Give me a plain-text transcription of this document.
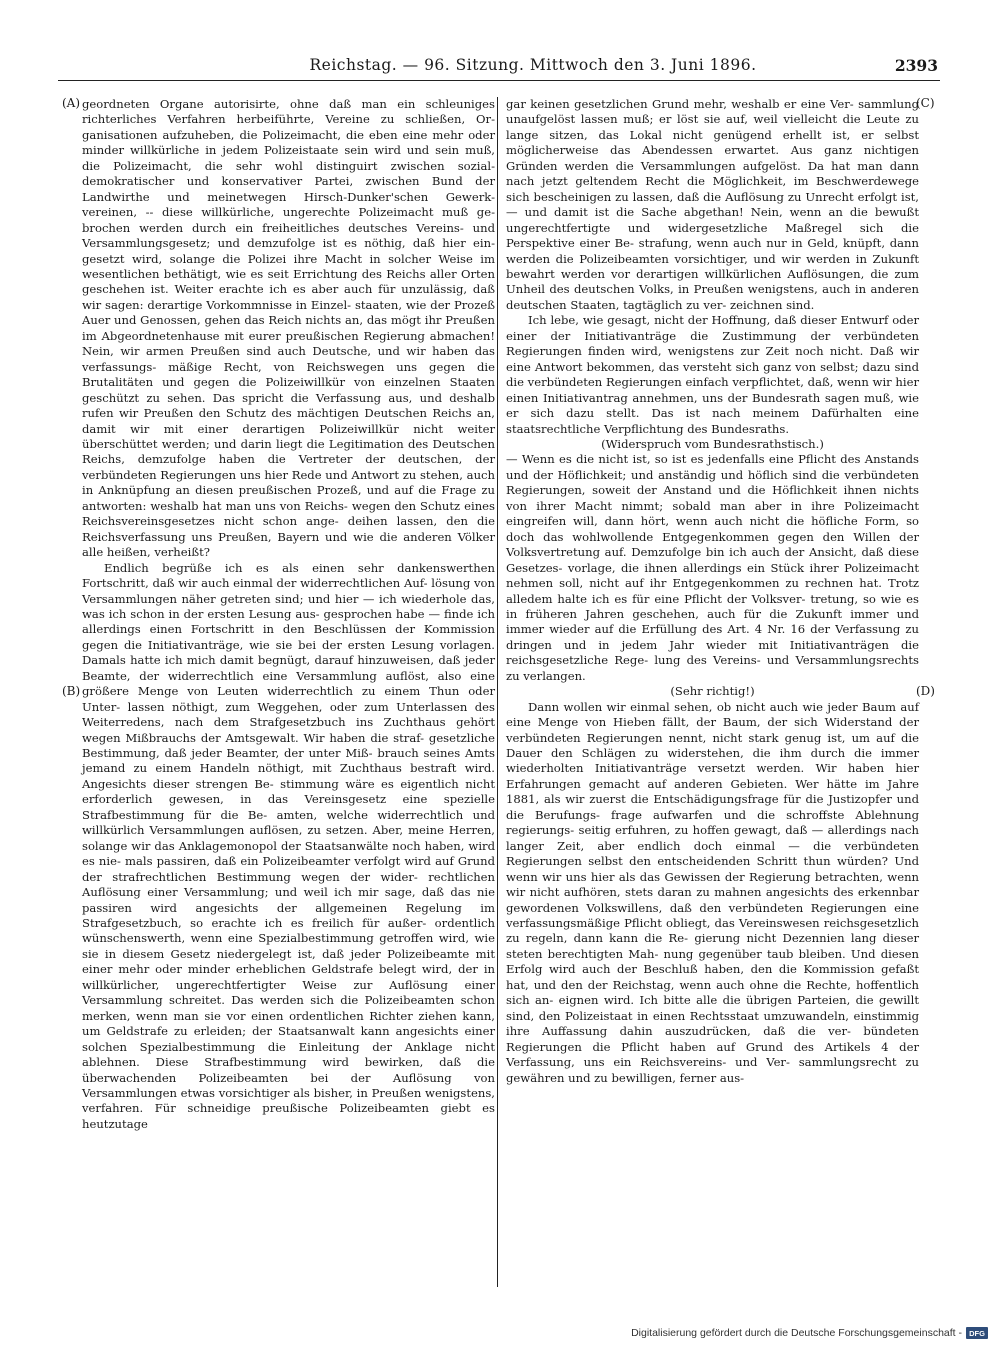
Reichstag. — 96. Sitzung. Mittwoch den 3. Juni 1896.	2393
(A)
(B)
(C)
(D)

geordneten Organe autorisirte, ohne daß man ein schleuniges richterliches Verfahren herbeiführte, Vereine zu schließen, Or- ganisationen aufzuheben, die Polizeimacht, die eben eine mehr oder minder willkürliche in jedem Polizeistaate sein wird und sein muß, die Polizeimacht, die sehr wohl distinguirt zwischen sozial- demokratischer und konservativer Partei, zwischen Bund der Landwirthe und meinetwegen Hirsch-Dunker'schen Gewerk- vereinen, -- diese willkürliche, ungerechte Polizeimacht muß ge- brochen werden durch ein freiheitliches deutsches Vereins- und Versammlungsgesetz; und demzufolge ist es nöthig, daß hier ein- gesetzt wird, solange die Polizei ihre Macht in solcher Weise im wesentlichen bethätigt, wie es seit Errichtung des Reichs aller Orten geschehen ist. Weiter erachte ich es aber auch für unzulässig, daß wir sagen: derartige Vorkommnisse in Einzel- staaten, wie der Prozeß Auer und Genossen, gehen das Reich nichts an, das mögt ihr Preußen im Abgeordnetenhause mit eurer preußischen Regierung abmachen! Nein, wir armen Preußen sind auch Deutsche, und wir haben das verfassungs- mäßige Recht, von Reichswegen uns gegen die Brutalitäten und gegen die Polizeiwillkür von einzelnen Staaten geschützt zu sehen. Das spricht die Verfassung aus, und deshalb rufen wir Preußen den Schutz des mächtigen Deutschen Reichs an, damit wir mit einer derartigen Polizeiwillkür nicht weiter überschüttet werden; und darin liegt die Legitimation des Deutschen Reichs, demzufolge haben die Vertreter der deutschen, der verbündeten Regierungen uns hier Rede und Antwort zu stehen, auch in Anknüpfung an diesen preußischen Prozeß, und auf die Frage zu antworten: weshalb hat man uns von Reichs- wegen den Schutz eines Reichsvereinsgesetzes nicht schon ange- deihen lassen, den die Reichsverfassung uns Preußen, Bayern und wie die anderen Völker alle heißen, verheißt?

Endlich begrüße ich es als einen sehr dankenswerthen Fortschritt, daß wir auch einmal der widerrechtlichen Auf- lösung von Versammlungen näher getreten sind; und hier — ich wiederhole das, was ich schon in der ersten Lesung aus- gesprochen habe — finde ich allerdings einen Fortschritt in den Beschlüssen der Kommission gegen die Initiativanträge, wie sie bei der ersten Lesung vorlagen. Damals hatte ich mich damit begnügt, darauf hinzuweisen, daß jeder Beamte, der widerrechtlich eine Versammlung auflöst, also eine größere Menge von Leuten widerrechtlich zu einem Thun oder Unter- lassen nöthigt, zum Weggehen, oder zum Unterlassen des Weiterredens, nach dem Strafgesetzbuch ins Zuchthaus gehört wegen Mißbrauchs der Amtsgewalt. Wir haben die straf- gesetzliche Bestimmung, daß jeder Beamter, der unter Miß- brauch seines Amts jemand zu einem Handeln nöthigt, mit Zuchthaus bestraft wird. Angesichts dieser strengen Be- stimmung wäre es eigentlich nicht erforderlich gewesen, in das Vereinsgesetz eine spezielle Strafbestimmung für die Be- amten, welche widerrechtlich und willkürlich Versammlungen auflösen, zu setzen. Aber, meine Herren, solange wir das Anklagemonopol der Staatsanwälte noch haben, wird es nie- mals passiren, daß ein Polizeibeamter verfolgt wird auf Grund der strafrechtlichen Bestimmung wegen der wider- rechtlichen Auflösung einer Versammlung; und weil ich mir sage, daß das nie passiren wird angesichts der allgemeinen Regelung im Strafgesetzbuch, so erachte ich es freilich für außer- ordentlich wünschenswerth, wenn eine Spezialbestimmung getroffen wird, wie sie in diesem Gesetz niedergelegt ist, daß jeder Polizeibeamte mit einer mehr oder minder erheblichen Geldstrafe belegt wird, der in willkürlicher, ungerechtfertigter Weise zur Auflösung einer Versammlung schreitet. Das werden sich die Polizeibeamten schon merken, wenn man sie vor einen ordentlichen Richter ziehen kann, um Geldstrafe zu erleiden; der Staatsanwalt kann angesichts einer solchen Spezialbestimmung die Einleitung der Anklage nicht ablehnen. Diese Strafbestimmung wird bewirken, daß die überwachenden Polizeibeamten bei der Auflösung von Versammlungen etwas vorsichtiger als bisher, in Preußen wenigstens, verfahren. Für schneidige preußische Polizeibeamten giebt es heutzutage

gar keinen gesetzlichen Grund mehr, weshalb er eine Ver- sammlung unaufgelöst lassen muß; er löst sie auf, weil vielleicht die Leute zu lange sitzen, das Lokal nicht genügend erhellt ist, er selbst möglicherweise das Abendessen erwartet. Aus ganz nichtigen Gründen werden die Versammlungen aufgelöst. Da hat man dann nach jetzt geltendem Recht die Möglichkeit, im Beschwerdewege sich bescheinigen zu lassen, daß die Auflösung zu Unrecht erfolgt ist, — und damit ist die Sache abgethan! Nein, wenn an die bewußt ungerechtfertigte und widergesetzliche Maßregel sich die Perspektive einer Be- strafung, wenn auch nur in Geld, knüpft, dann werden die Polizeibeamten vorsichtiger, und wir werden in Zukunft bewahrt werden vor derartigen willkürlichen Auflösungen, die zum Unheil des deutschen Volks, in Preußen wenigstens, auch in anderen deutschen Staaten, tagtäglich zu ver- zeichnen sind.

Ich lebe, wie gesagt, nicht der Hoffnung, daß dieser Entwurf oder einer der Initiativanträge die Zustimmung der verbündeten Regierungen finden wird, wenigstens zur Zeit noch nicht. Daß wir eine Antwort bekommen, das versteht sich ganz von selbst; dazu sind die verbündeten Regierungen einfach verpflichtet, daß, wenn wir hier einen Initiativantrag annehmen, uns der Bundesrath sagen muß, wie er sich dazu stellt. Das ist nach meinem Dafürhalten eine staatsrechtliche Verpflichtung des Bundesraths.

(Widerspruch vom Bundesrathstisch.)

— Wenn es die nicht ist, so ist es jedenfalls eine Pflicht des Anstands und der Höflichkeit; und anständig und höflich sind die verbündeten Regierungen, soweit der Anstand und die Höflichkeit ihnen nichts von ihrer Macht nimmt; sobald man aber in ihre Polizeimacht eingreifen will, dann hört, wenn auch nicht die höfliche Form, so doch das wohlwollende Entgegenkommen gegen den Willen der Volksvertretung auf. Demzufolge bin ich auch der Ansicht, daß diese Gesetzes- vorlage, die ihnen allerdings ein Stück ihrer Polizeimacht nehmen soll, nicht auf ihr Entgegenkommen zu rechnen hat. Trotz alledem halte ich es für eine Pflicht der Volksver- tretung, so wie es in früheren Jahren geschehen, auch für die Zukunft immer und immer wieder auf die Erfüllung des Art. 4 Nr. 16 der Verfassung zu dringen und in jedem Jahr wieder mit Initiativanträgen die reichsgesetzliche Rege- lung des Vereins- und Versammlungsrechts zu verlangen.

(Sehr richtig!)

Dann wollen wir einmal sehen, ob nicht auch wie jeder Baum auf eine Menge von Hieben fällt, der Baum, der sich Widerstand der verbündeten Regierungen nennt, nicht stark genug ist, um auf die Dauer den Schlägen zu widerstehen, die ihm durch die immer wiederholten Initiativanträge versetzt werden. Wir haben hier Erfahrungen gemacht auf anderen Gebieten. Wer hätte im Jahre 1881, als wir zuerst die Entschädigungsfrage für die Justizopfer und die Berufungs- frage aufwarfen und die schroffste Ablehnung regierungs- seitig erfuhren, zu hoffen gewagt, daß — allerdings nach langer Zeit, aber endlich doch einmal — die verbündeten Regierungen selbst den entscheidenden Schritt thun würden? Und wenn wir uns hier als das Gewissen der Regierung betrachten, wenn wir nicht aufhören, stets daran zu mahnen angesichts des erkennbar gewordenen Volkswillens, daß den verbündeten Regierungen eine verfassungsmäßige Pflicht obliegt, das Vereinswesen reichsgesetzlich zu regeln, dann kann die Re- gierung nicht Dezennien lang dieser steten berechtigten Mah- nung gegenüber taub bleiben. Und diesen Erfolg wird auch der Beschluß haben, den die Kommission gefaßt hat, und den der Reichstag, wenn auch ohne die Rechte, hoffentlich sich an- eignen wird. Ich bitte alle die übrigen Parteien, die gewillt sind, den Polizeistaat in einen Rechtsstaat umzuwandeln, einstimmig ihre Auffassung dahin auszudrücken, daß die ver- bündeten Regierungen die Pflicht haben auf Grund des Artikels 4 der Verfassung, uns ein Reichsvereins- und Ver- sammlungsrecht zu gewähren und zu bewilligen, ferner aus-

Digitalisierung gefördert durch die Deutsche Forschungsgemeinschaft - DFG
